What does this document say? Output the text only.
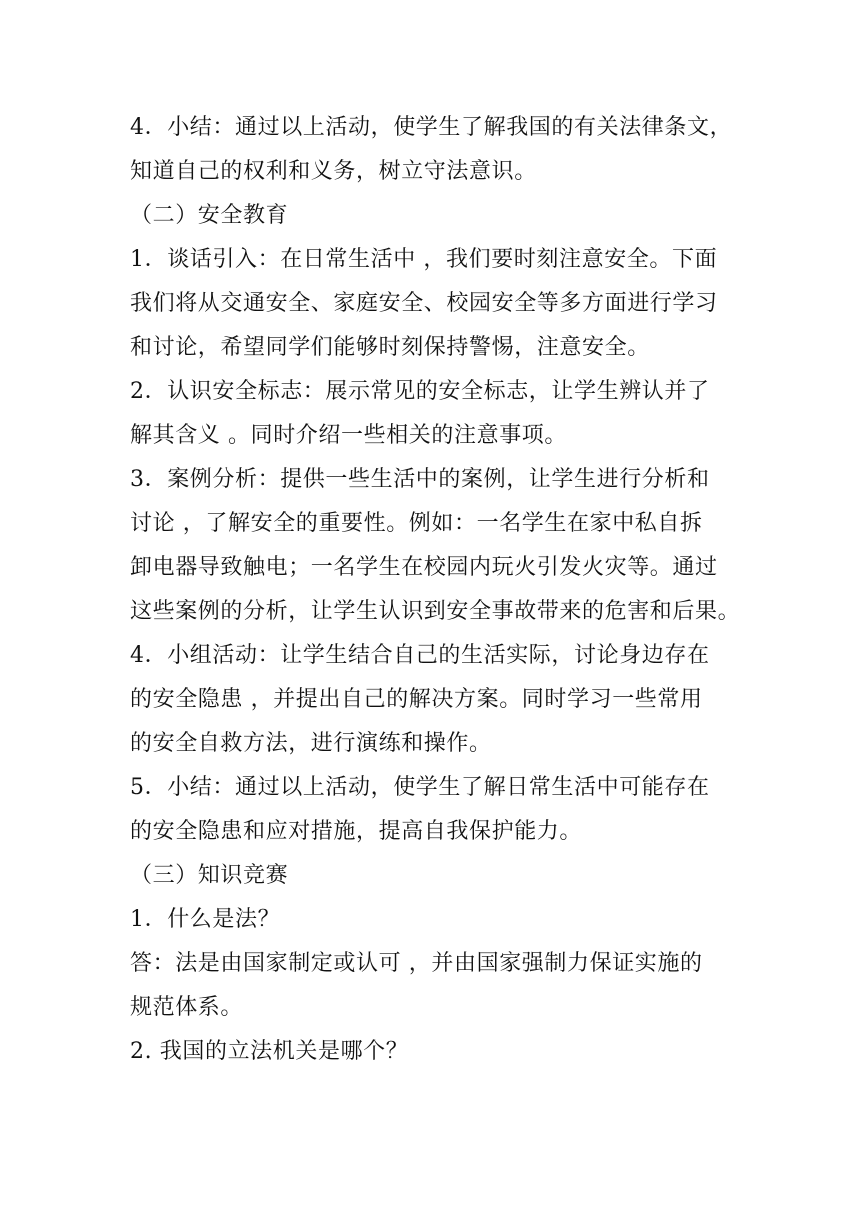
4．小结：通过以上活动，使学生了解我国的有关法律条文，
知道自己的权利和义务，树立守法意识。
（二）安全教育
1．谈话引入：在日常生活中 ，我们要时刻注意安全。下面
我们将从交通安全、家庭安全、校园安全等多方面进行学习
和讨论，希望同学们能够时刻保持警惕，注意安全。
2．认识安全标志：展示常见的安全标志，让学生辨认并了
解其含义 。同时介绍一些相关的注意事项。
3．案例分析：提供一些生活中的案例，让学生进行分析和
讨论 ，了解安全的重要性。例如：一名学生在家中私自拆
卸电器导致触电；一名学生在校园内玩火引发火灾等。通过
这些案例的分析，让学生认识到安全事故带来的危害和后果。
4．小组活动：让学生结合自己的生活实际，讨论身边存在
的安全隐患 ，并提出自己的解决方案。同时学习一些常用
的安全自救方法，进行演练和操作。
5．小结：通过以上活动，使学生了解日常生活中可能存在
的安全隐患和应对措施，提高自我保护能力。
（三）知识竞赛
1．什么是法？
答：法是由国家制定或认可 ，并由国家强制力保证实施的
规范体系。
2. 我国的立法机关是哪个？
